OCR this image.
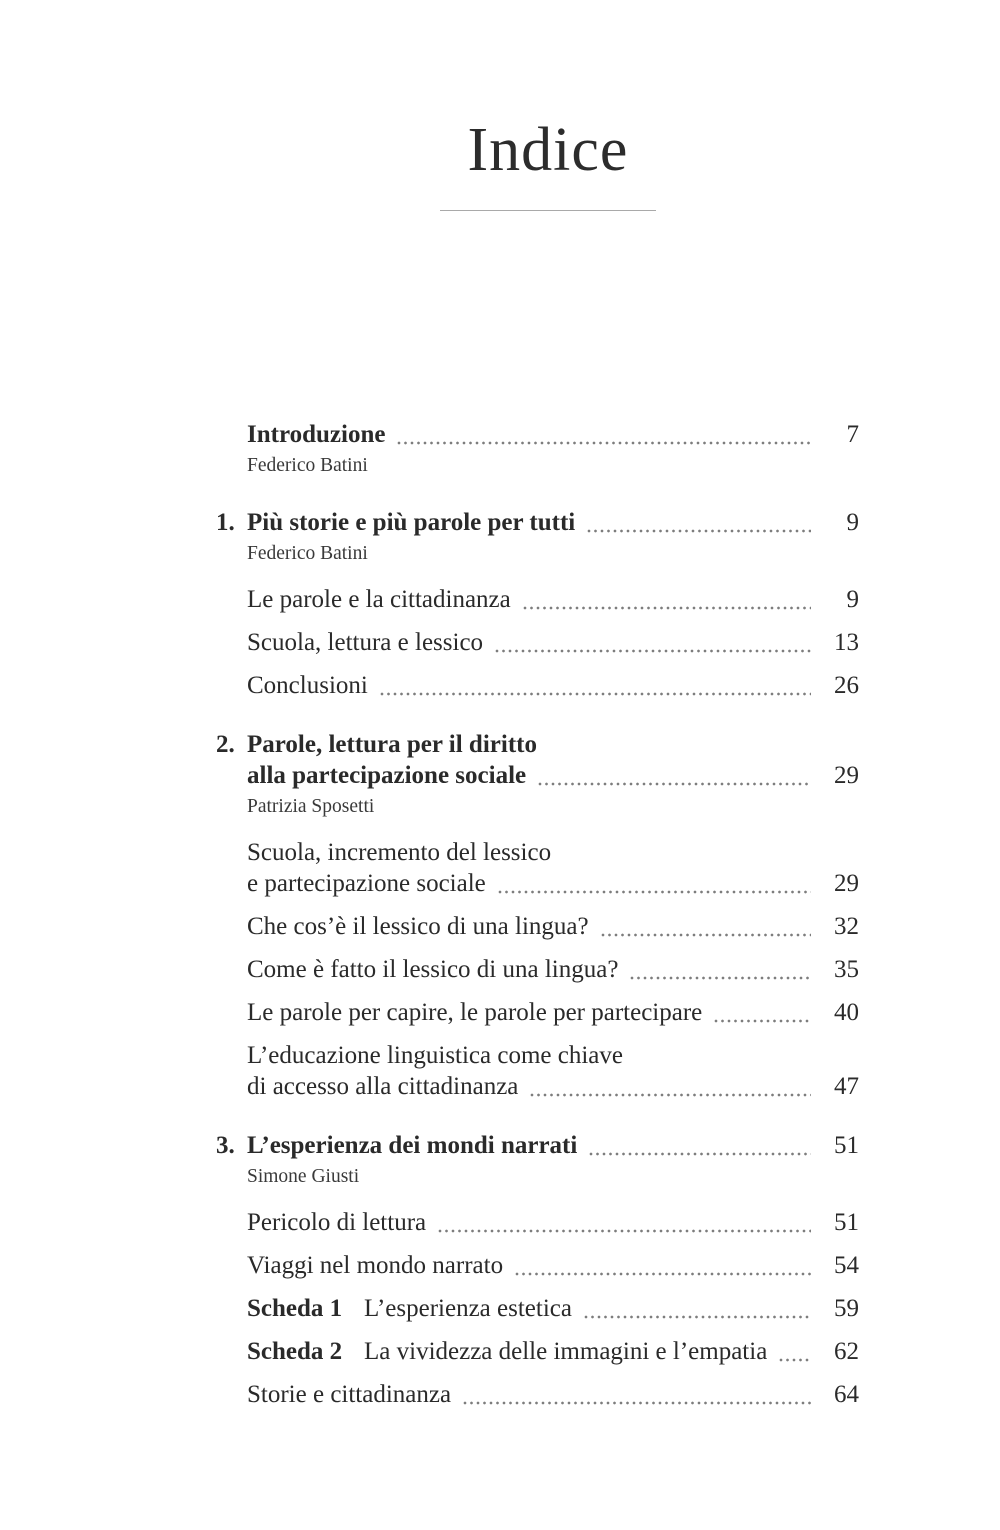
Indice
Introduzione	7
Federico Batini
1. Più storie e più parole per tutti	9
Federico Batini
Le parole e la cittadinanza	9
Scuola, lettura e lessico	13
Conclusioni	26
2. Parole, lettura per il diritto
alla partecipazione sociale	29
Patrizia Sposetti
Scuola, incremento del lessico
e partecipazione sociale	29
Che cos’è il lessico di una lingua?	32
Come è fatto il lessico di una lingua?	35
Le parole per capire, le parole per partecipare	40
L’educazione linguistica come chiave
di accesso alla cittadinanza	47
3. L’esperienza dei mondi narrati	51
Simone Giusti
Pericolo di lettura	51
Viaggi nel mondo narrato	54
Scheda 1 L’esperienza estetica	59
Scheda 2 La vividezza delle immagini e l’empatia	62
Storie e cittadinanza	64
